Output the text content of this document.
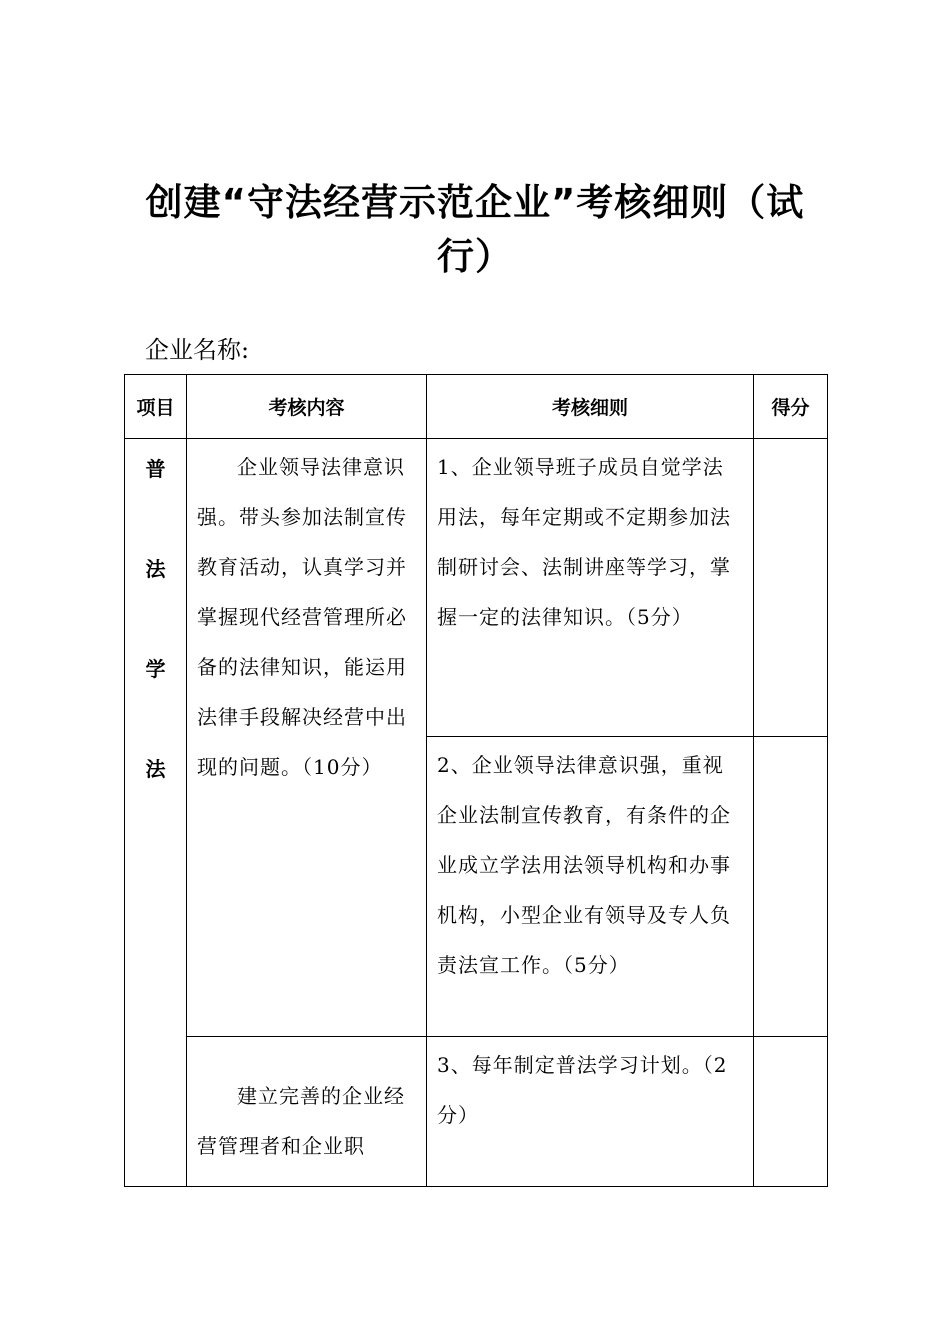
创建“守法经营示范企业”考核细则（试行）
企业名称:
项目	考核内容	考核细则	得分

普
法
学
法	企业领导法律意识强。带头参加法制宣传教育活动，认真学习并掌握现代经营管理所必备的法律知识，能运用法律手段解决经营中出现的问题。（10分）	1、企业领导班子成员自觉学法用法，每年定期或不定期参加法制研讨会、法制讲座等学习，掌握一定的法律知识。（5分）	

		2、企业领导法律意识强，重视企业法制宣传教育，有条件的企业成立学法用法领导机构和办事机构，小型企业有领导及专人负责法宣工作。（5分）	

	建立完善的企业经营管理者和企业职	3、每年制定普法学习计划。（2分）	
